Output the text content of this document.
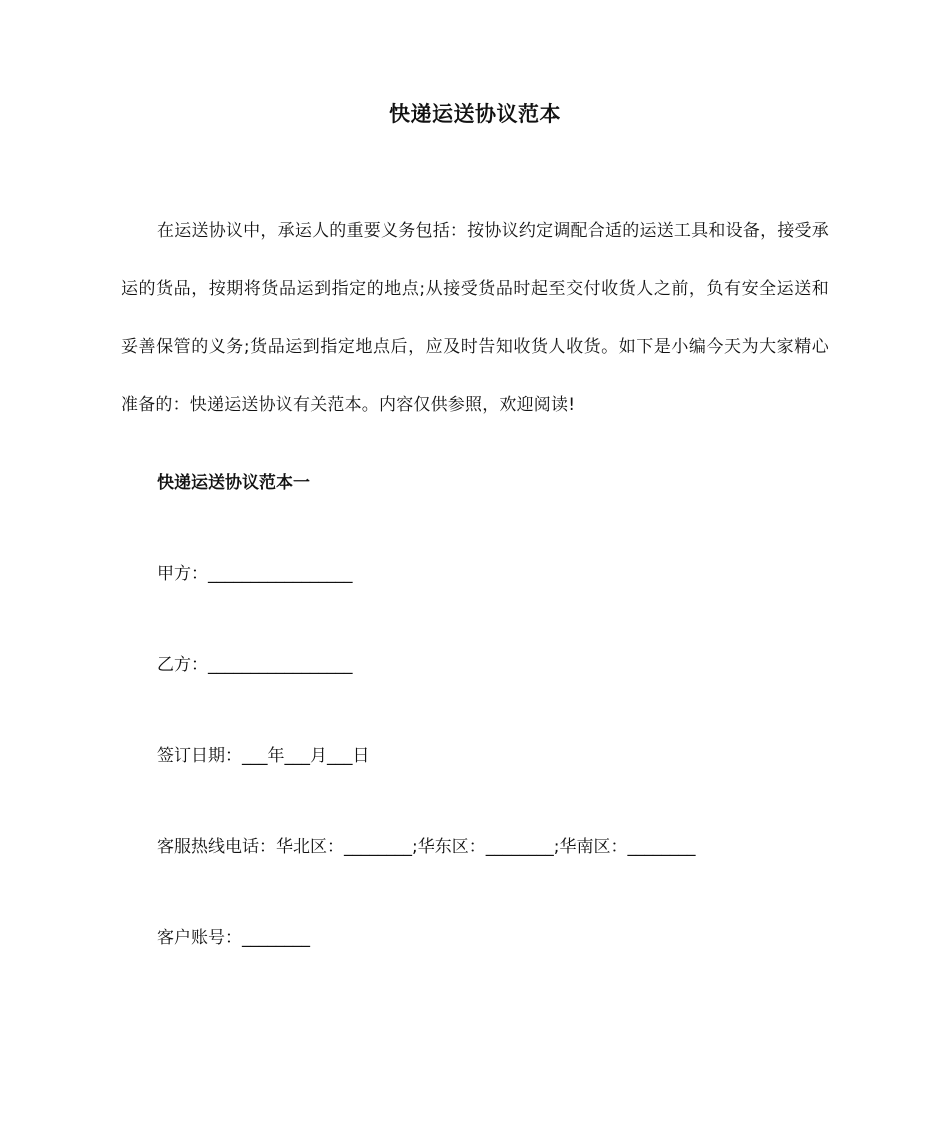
快递运送协议范本

在运送协议中，承运人的重要义务包括：按协议约定调配合适的运送工具和设备，接受承运的货品，按期将货品运到指定的地点;从接受货品时起至交付收货人之前，负有安全运送和妥善保管的义务;货品运到指定地点后，应及时告知收货人收货。如下是小编今天为大家精心准备的：快递运送协议有关范本。内容仅供参照，欢迎阅读!

快递运送协议范本一
甲方：_________________
乙方：_________________
签订日期：___年___月___日
客服热线电话：华北区：________;华东区：________;华南区：________
客户账号：________
